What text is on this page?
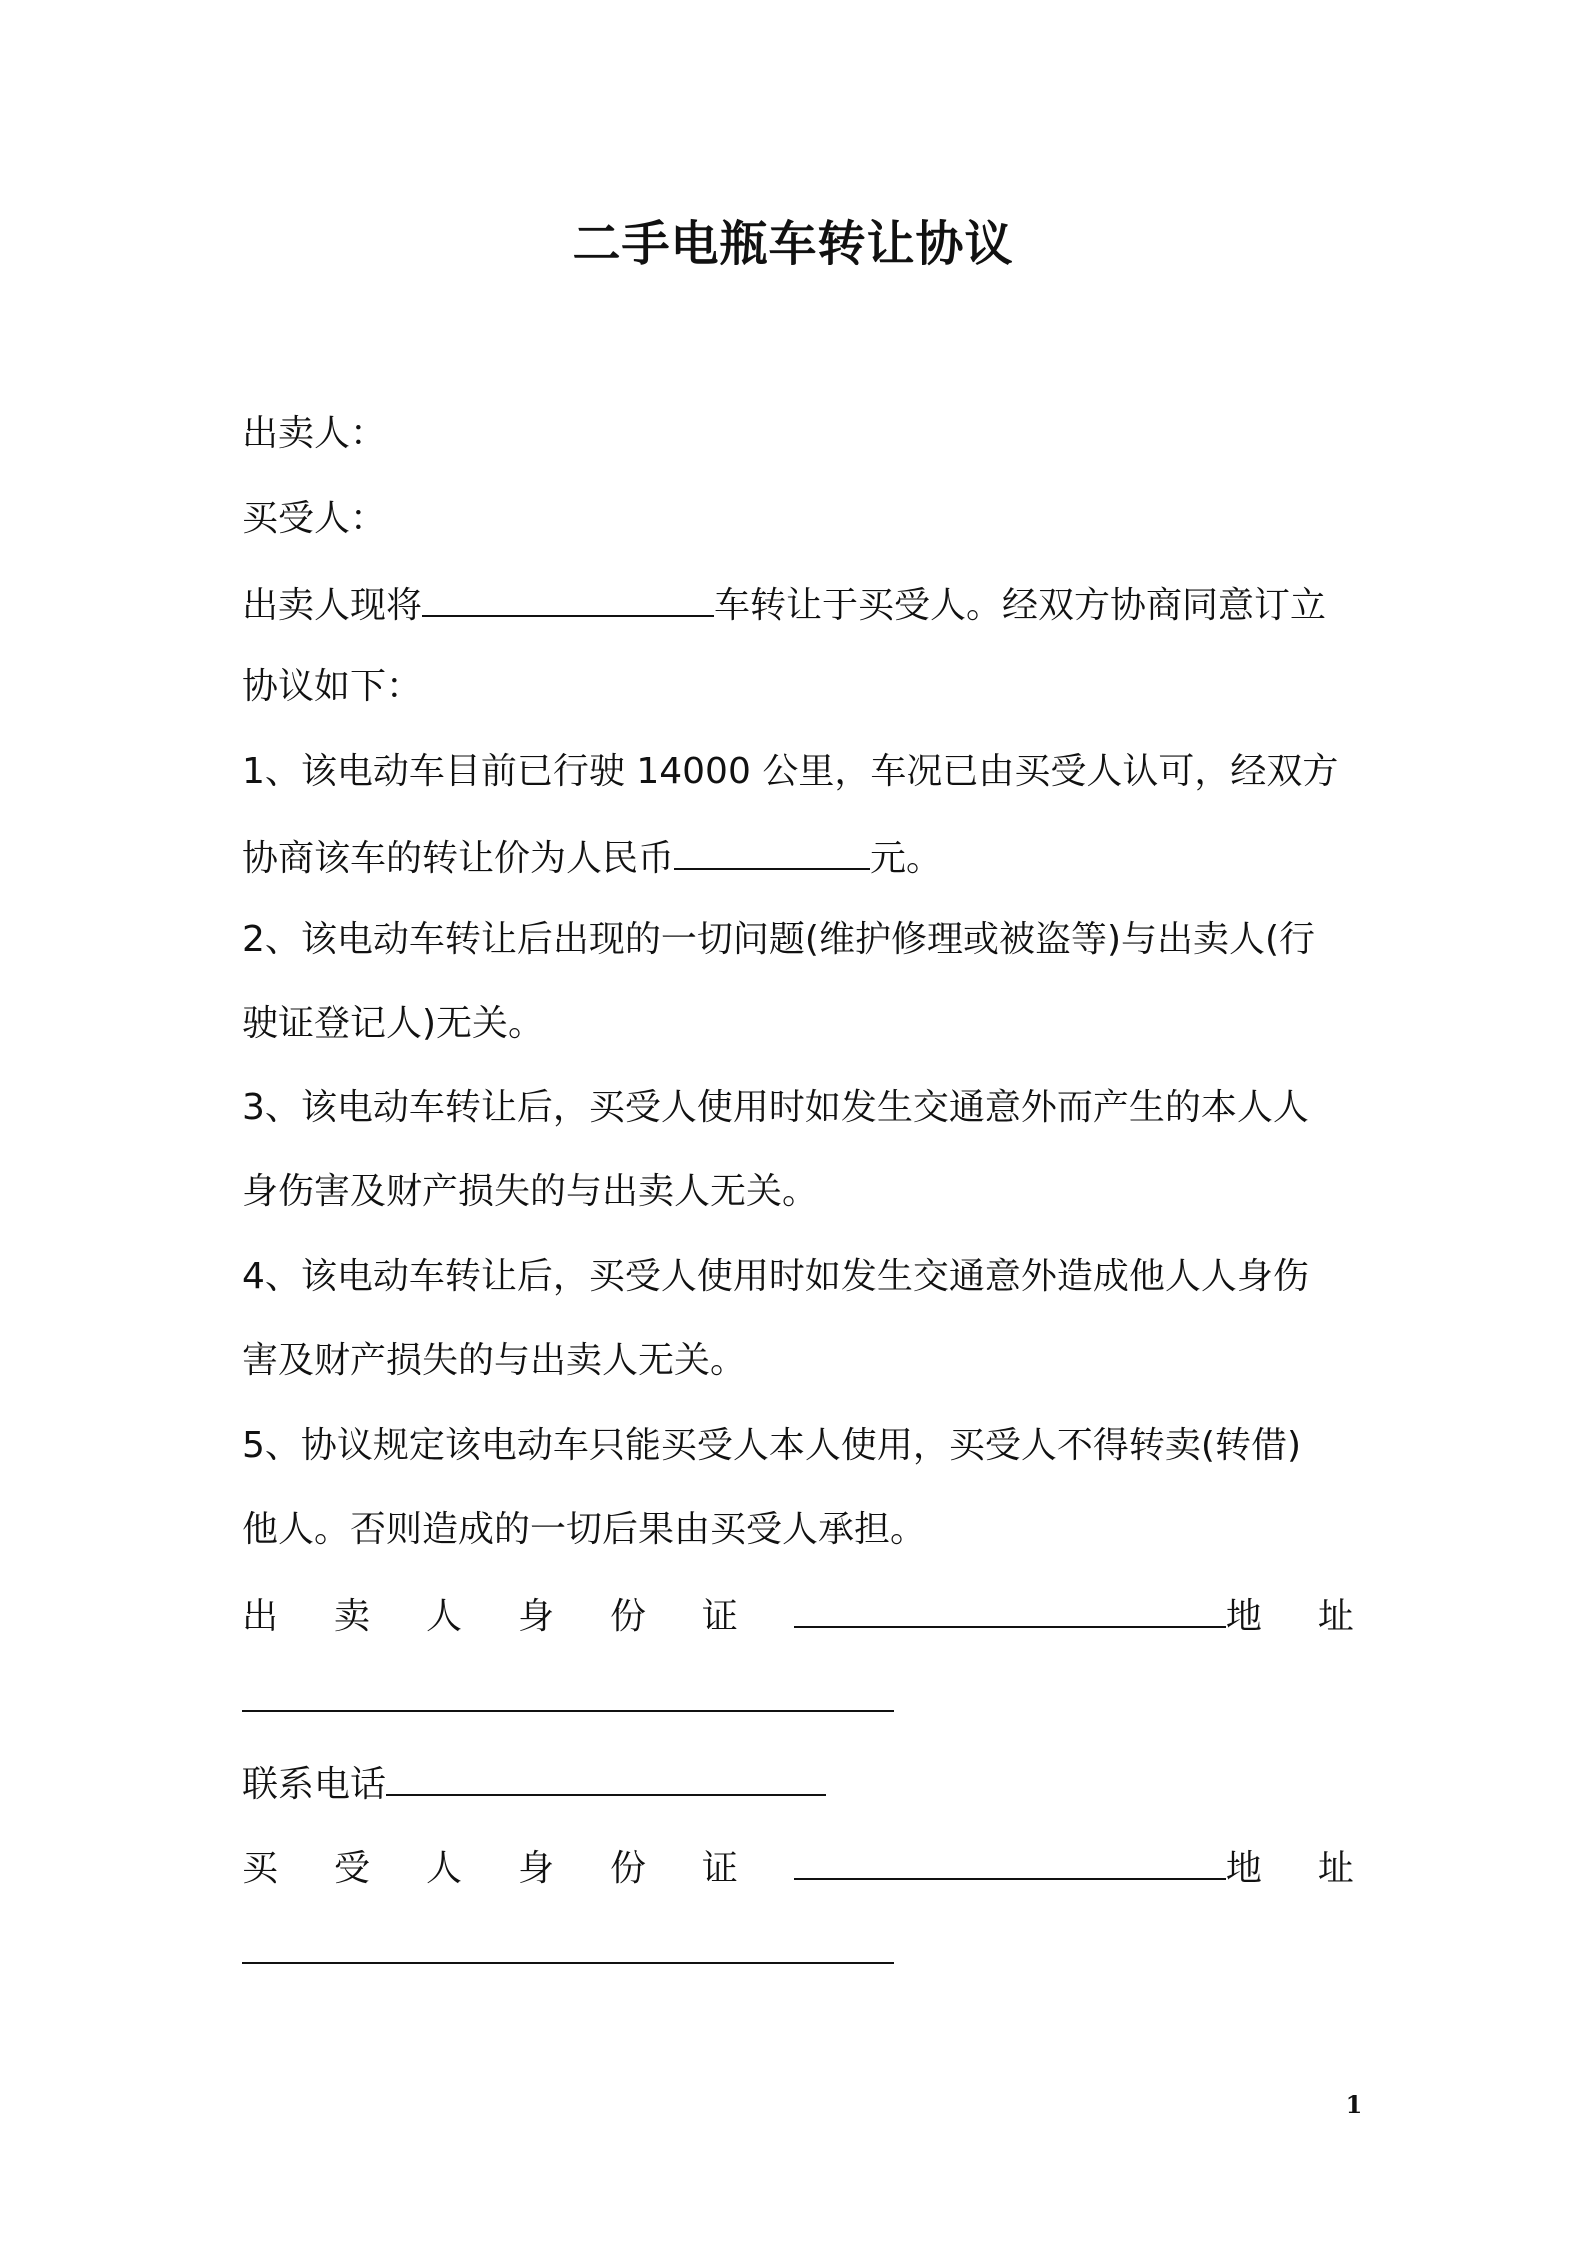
二手电瓶车转让协议
出卖人：
买受人：
出卖人现将	车转让于买受人。经双方协商同意订立
协议如下：
1、该电动车目前已行驶 14000 公里，车况已由买受人认可，经双方
协商该车的转让价为人民币	元。
2、该电动车转让后出现的一切问题(维护修理或被盗等)与出卖人(行
驶证登记人)无关。
3、该电动车转让后，买受人使用时如发生交通意外而产生的本人人
身伤害及财产损失的与出卖人无关。
4、该电动车转让后，买受人使用时如发生交通意外造成他人人身伤
害及财产损失的与出卖人无关。
5、协议规定该电动车只能买受人本人使用，买受人不得转卖(转借)
他人。否则造成的一切后果由买受人承担。
出 卖 人 身 份 证	地 址
联系电话
买 受 人 身 份 证	地 址
1
